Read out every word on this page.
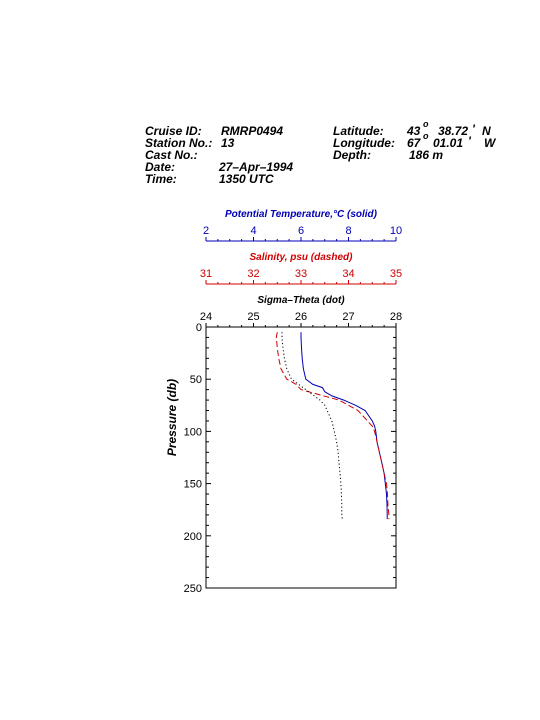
Cruise ID: RMRP0494
Station No.: 13
Cast No.:
Date:	27–Apr–1994
Time:	1350 UTC
Latitude: 43 o 38.72 ' N
Longitude: 67 o 01.01 ' W
Depth:	186 m
2	4	6	8	10
Potential Temperature,°C (solid)
31	32	33	34	35
Salinity, psu (dashed)
24	25	26	27	28
Sigma–Theta (dot)
0
50
100
150
200
250
Pressure (db)
